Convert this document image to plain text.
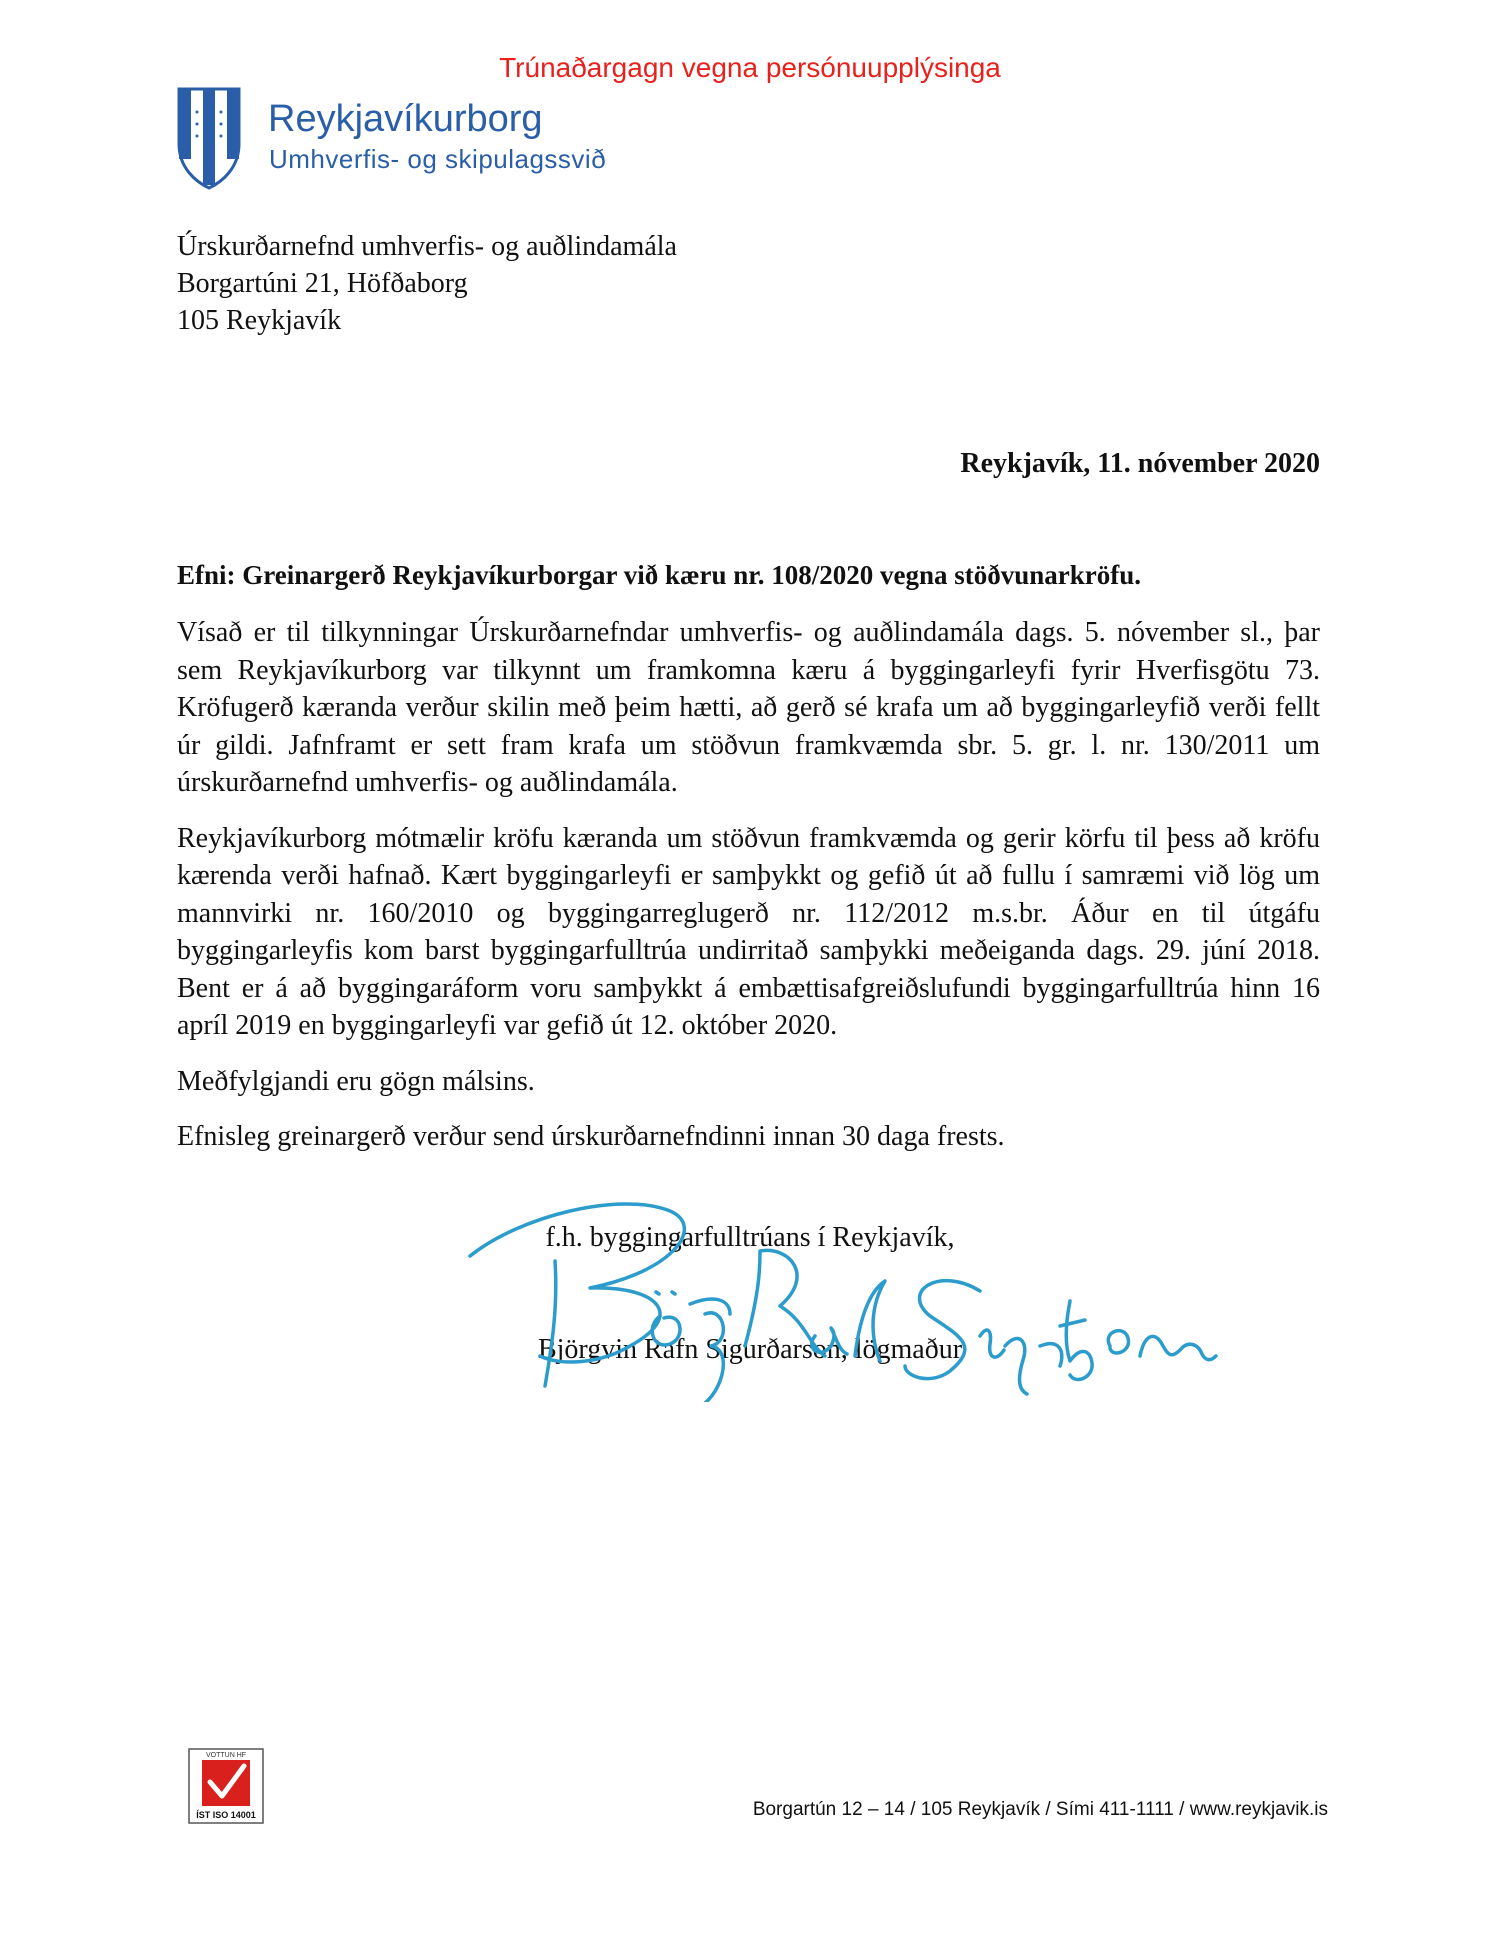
Trúnaðargagn vegna persónuupplýsinga
Reykjavíkurborg
Umhverfis- og skipulagssvið
Úrskurðarnefnd umhverfis- og auðlindamála
Borgartúni 21, Höfðaborg
105 Reykjavík
Reykjavík, 11. nóvember 2020
Efni: Greinargerð Reykjavíkurborgar við kæru nr. 108/2020 vegna stöðvunarkröfu.

Vísað er til tilkynningar Úrskurðarnefndar umhverfis- og auðlindamála dags. 5. nóvember sl., þar sem Reykjavíkurborg var tilkynnt um framkomna kæru á byggingarleyfi fyrir Hverfisgötu 73. Kröfugerð kæranda verður skilin með þeim hætti, að gerð sé krafa um að byggingarleyfið verði fellt úr gildi. Jafnframt er sett fram krafa um stöðvun framkvæmda sbr. 5. gr. l. nr. 130/2011 um úrskurðarnefnd umhverfis- og auðlindamála.

Reykjavíkurborg mótmælir kröfu kæranda um stöðvun framkvæmda og gerir körfu til þess að kröfu kærenda verði hafnað. Kært byggingarleyfi er samþykkt og gefið út að fullu í samræmi við lög um mannvirki nr. 160/2010 og byggingarreglugerð nr. 112/2012 m.s.br. Áður en til útgáfu byggingarleyfis kom barst byggingarfulltrúa undirritað samþykki meðeiganda dags. 29. júní 2018. Bent er á að byggingaráform voru samþykkt á embættisafgreiðslufundi byggingarfulltrúa hinn 16 apríl 2019 en byggingarleyfi var gefið út 12. október 2020.

Meðfylgjandi eru gögn málsins.

Efnisleg greinargerð verður send úrskurðarnefndinni innan 30 daga frests.

f.h. byggingarfulltrúans í Reykjavík,
Björgvin Rafn Sigurðarson, lögmaður
VOTTUN HF
ÍST ISO 14001	Borgartún 12 – 14 / 105 Reykjavík / Sími 411-1111 / www.reykjavik.is
